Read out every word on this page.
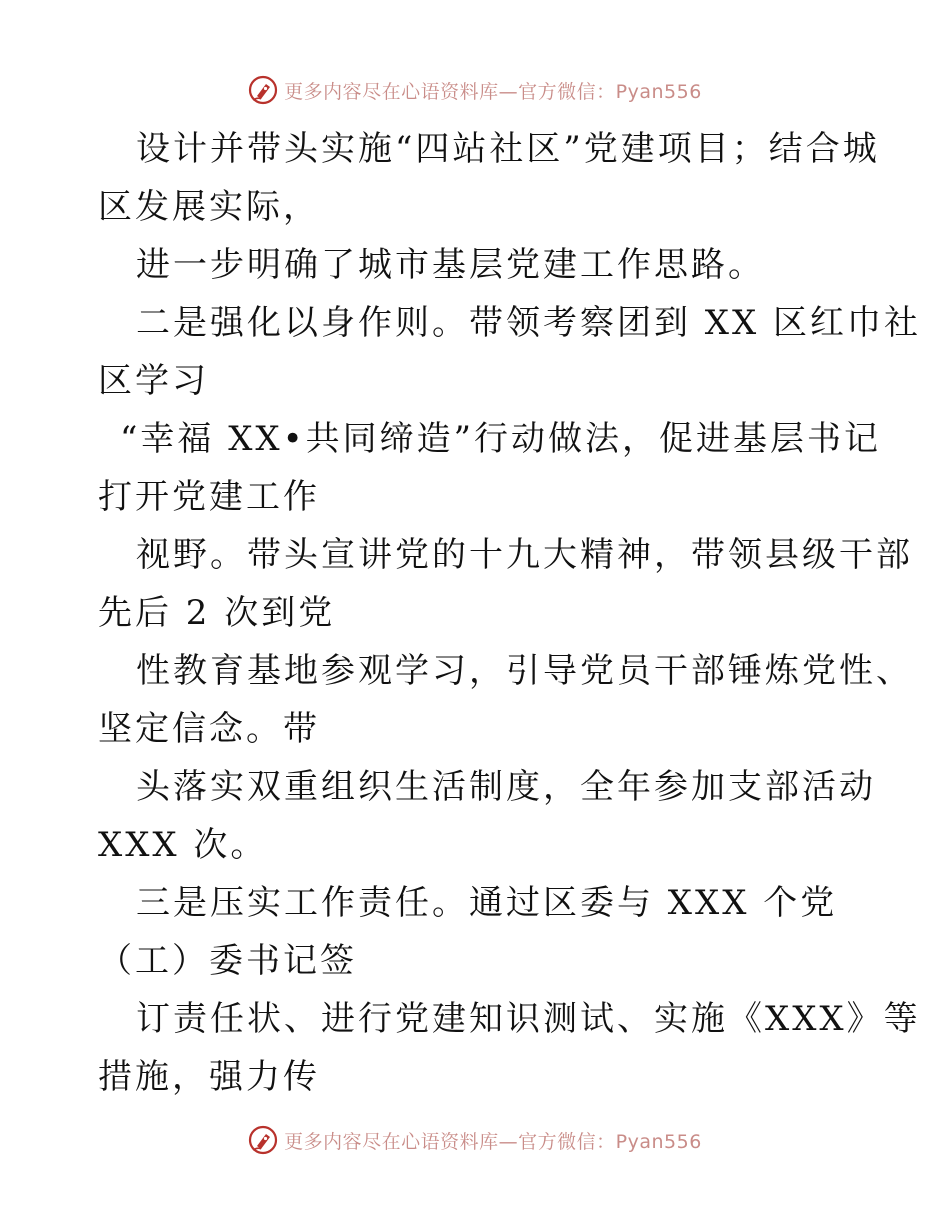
更多内容尽在心语资料库—官方微信：Pyan556
设计并带头实施“四站社区”党建项目；结合城
区发展实际，
进一步明确了城市基层党建工作思路。
二是强化以身作则。带领考察团到 XX 区红巾社
区学习
“幸福 XX•共同缔造”行动做法，促进基层书记
打开党建工作
视野。带头宣讲党的十九大精神，带领县级干部
先后 2 次到党
性教育基地参观学习，引导党员干部锤炼党性、
坚定信念。带
头落实双重组织生活制度，全年参加支部活动
XXX 次。
三是压实工作责任。通过区委与 XXX 个党
（工）委书记签
订责任状、进行党建知识测试、实施《XXX》等
措施，强力传
更多内容尽在心语资料库—官方微信：Pyan556
